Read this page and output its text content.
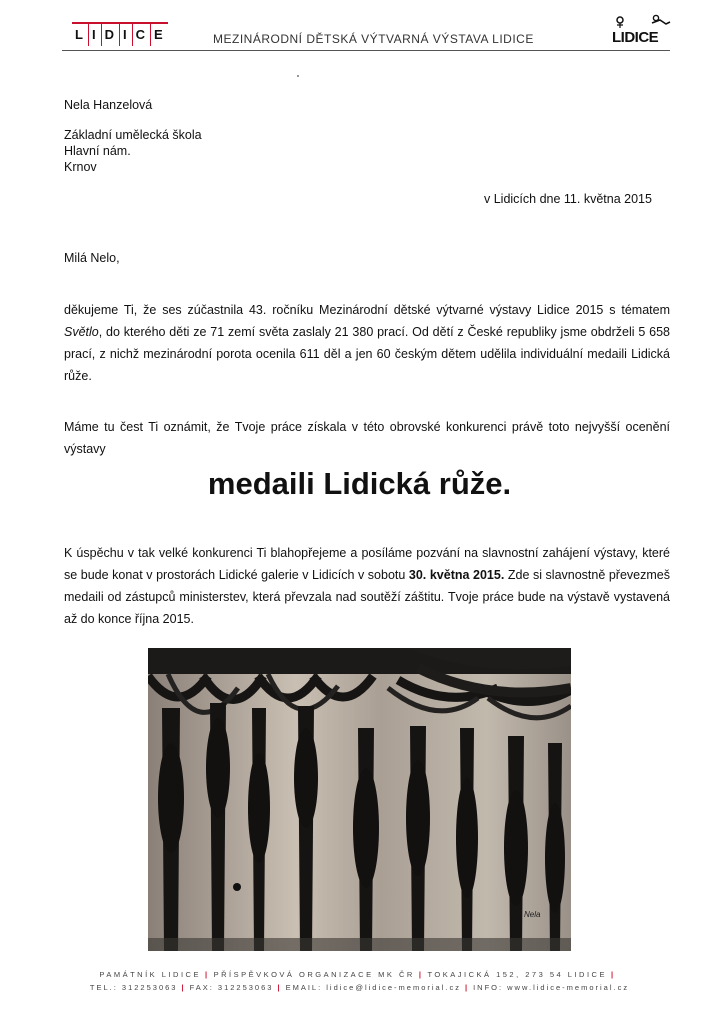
L I D I C E	MEZINÁRODNÍ DĚTSKÁ VÝTVARNÁ VÝSTAVA LIDICE	LIDICE
Nela Hanzelová
Základní umělecká škola
Hlavní nám.
Krnov
v Lidicích dne 11. května 2015
Milá Nelo,
děkujeme Ti, že ses zúčastnila 43. ročníku Mezinárodní dětské výtvarné výstavy Lidice 2015 s tématem Světlo, do kterého děti ze 71 zemí světa zaslaly 21 380 prací. Od dětí z České republiky jsme obdrželi 5 658 prací, z nichž mezinárodní porota ocenila 611 děl a jen 60 českým dětem udělila individuální medaili Lidická růže.
Máme tu čest Ti oznámit, že Tvoje práce získala v této obrovské konkurenci právě toto nejvyšší ocenění výstavy
medaili Lidická růže.
K úspěchu v tak velké konkurenci Ti blahopřejeme a posíláme pozvání na slavnostní zahájení výstavy, které se bude konat v prostorách Lidické galerie v Lidicích v sobotu 30. května 2015. Zde si slavnostně převezmeš medaili od zástupců ministerstev, která převzala nad soutěží záštitu. Tvoje práce bude na výstavě vystavená až do konce října 2015.
Nela
PAMÁTNÍK LIDICE | PŘÍSPĚVKOVÁ ORGANIZACE MK ČR | TOKAJICKÁ 152, 273 54 LIDICE |
TEL.: 312253063 | FAX: 312253063 | EMAIL: lidice@lidice-memorial.cz | INFO: www.lidice-memorial.cz
